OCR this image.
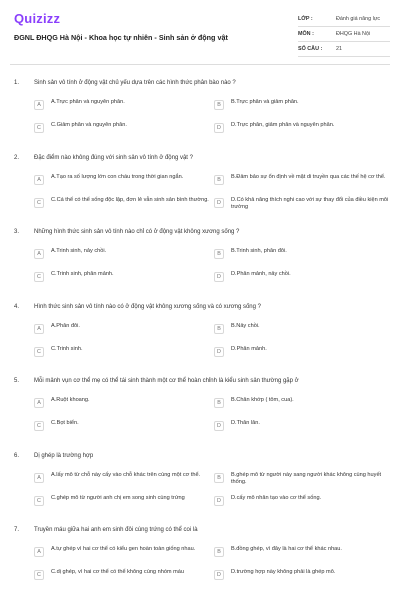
Quizizz
ĐGNL ĐHQG Hà Nội - Khoa học tự nhiên - Sinh sản ở động vật
LỚP :	Đánh giá năng lực
MÔN :	ĐHQG Hà Nội
SỐ CÂU :	21
1. Sinh sản vô tính ở động vật chủ yếu dựa trên các hình thức phân bào nào ?
A	A.Trực phân và nguyên phân.	B	B.Trực phân và giảm phân.
C	C.Giảm phân và nguyên phân.	D	D.Trực phân, giảm phân và nguyên phân.
2. Đặc điểm nào không đúng với sinh sản vô tính ở động vật ?
A	A.Tạo ra số lượng lớn con cháu trong thời gian ngắn.	B	B.Đảm bảo sự ổn định về mặt di truyền qua các thế hệ cơ thể.
C	C.Cá thể có thể sống độc lập, đơn lẻ vẫn sinh sản bình thường.	D	D.Có khả năng thích nghi cao với sự thay đổi của điều kiện môi trường
3. Những hình thức sinh sản vô tính nào chỉ có ở động vật không xương sống ?
A	A.Trinh sinh, nảy chồi.	B	B.Trinh sinh, phân đôi.
C	C.Trinh sinh, phân mảnh.	D	D.Phân mảnh, nảy chồi.
4. Hình thức sinh sản vô tính nào có ở động vật không xương sống và có xương sống ?
A	A.Phân đôi.	B	B.Nảy chồi.
C	C.Trinh sinh.	D	D.Phân mảnh.
5. Mỗi mảnh vụn cơ thể mẹ có thể tái sinh thành một cơ thể hoàn chỉnh là kiểu sinh sản thường gặp ở
A	A.Ruột khoang.	B	B.Chân khớp ( tôm, cua).
C	C.Bọt biển.	D	D.Thân lân.
6. Dị ghép là trường hợp
A	A.lấy mô từ chỗ này cấy vào chỗ khác trên cùng một cơ thể.	B	B.ghép mô từ người này sang người khác không cùng huyết thống.
C	C.ghép mô từ người anh chị em song sinh cùng trứng	D	D.cấy mô nhân tạo vào cơ thể sống.
7. Truyền máu giữa hai anh em sinh đôi cùng trứng có thể coi là
A	A.tự ghép vì hai cơ thể có kiểu gen hoàn toàn giống nhau.	B	B.đồng ghép, vì đây là hai cơ thể khác nhau.
C	C.dị ghép, vì hai cơ thể có thể không cùng nhóm máu	D	D.trường hợp này không phải là ghép mô.
